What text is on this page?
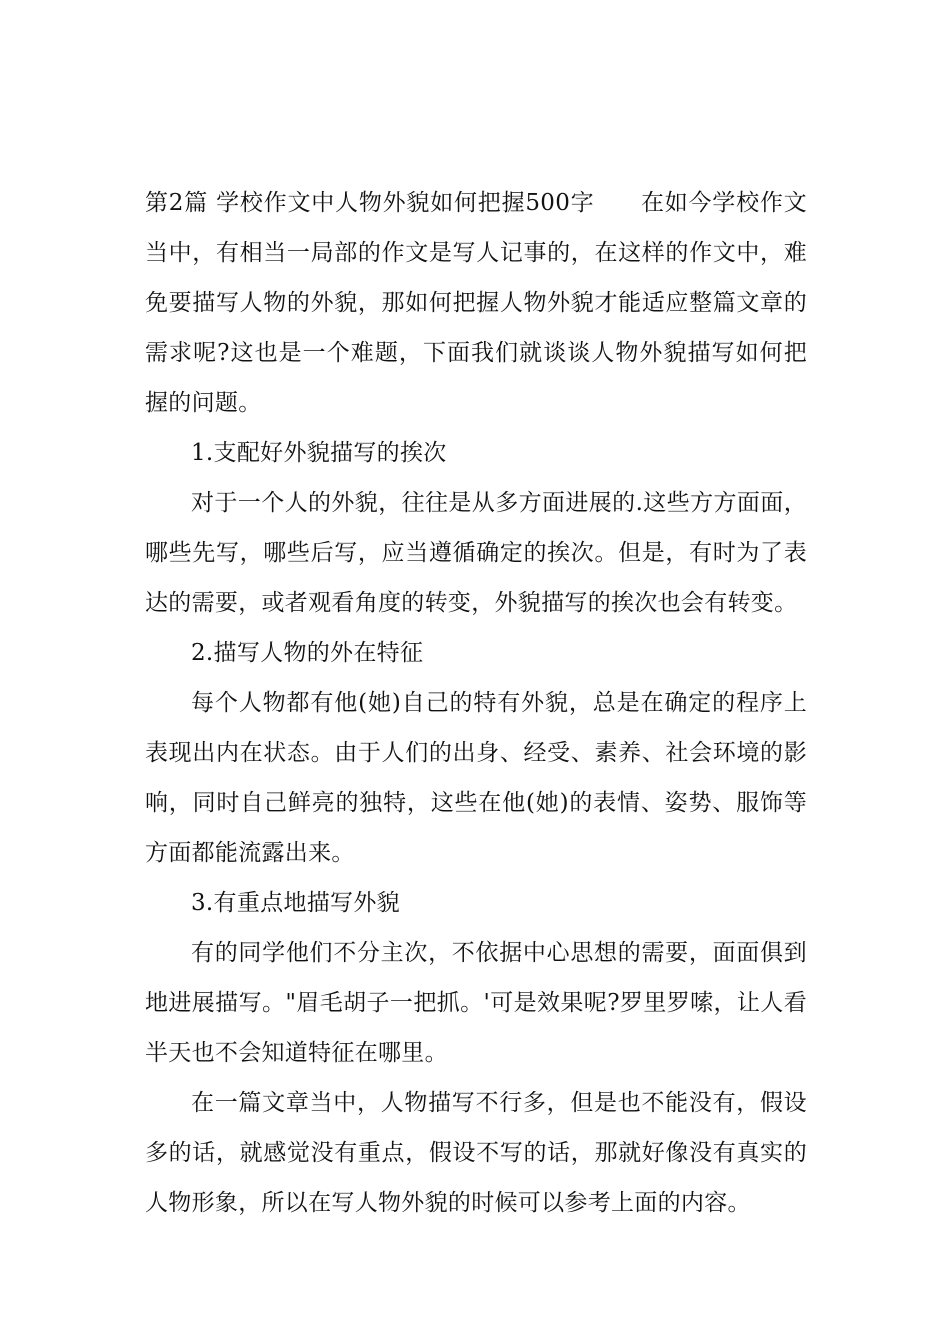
第2篇 学校作文中人物外貌如何把握500字 在如今学校作文当中，有相当一局部的作文是写人记事的，在这样的作文中，难免要描写人物的外貌，那如何把握人物外貌才能适应整篇文章的需求呢?这也是一个难题，下面我们就谈谈人物外貌描写如何把握的问题。

1.支配好外貌描写的挨次

对于一个人的外貌，往往是从多方面进展的.这些方方面面，哪些先写，哪些后写，应当遵循确定的挨次。但是，有时为了表达的需要，或者观看角度的转变，外貌描写的挨次也会有转变。

2.描写人物的外在特征

每个人物都有他(她)自己的特有外貌，总是在确定的程序上表现出内在状态。由于人们的出身、经受、素养、社会环境的影响，同时自己鲜亮的独特，这些在他(她)的表情、姿势、服饰等方面都能流露出来。

3.有重点地描写外貌

有的同学他们不分主次，不依据中心思想的需要，面面俱到地进展描写。"眉毛胡子一把抓。'可是效果呢?罗里罗嗦，让人看半天也不会知道特征在哪里。

在一篇文章当中，人物描写不行多，但是也不能没有，假设多的话，就感觉没有重点，假设不写的话，那就好像没有真实的人物形象，所以在写人物外貌的时候可以参考上面的内容。
